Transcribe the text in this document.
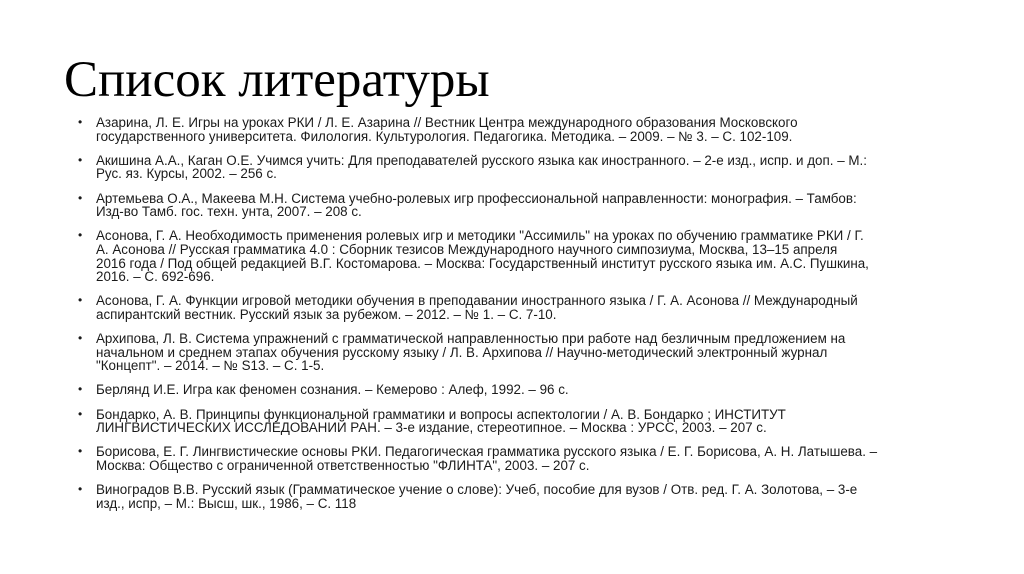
Список литературы
• Азарина, Л. Е. Игры на уроках РКИ / Л. Е. Азарина // Вестник Центра международного образования Московского
государственного университета. Филология. Культурология. Педагогика. Методика. – 2009. – № 3. – С. 102-109.
• Акишина А.А., Каган О.Е. Учимся учить: Для преподавателей русского языка как иностранного. – 2-е изд., испр. и доп. – М.:
Рус. яз. Курсы, 2002. – 256 с.
• Артемьева О.А., Макеева М.Н. Система учебно-ролевых игр профессиональной направленности: монография. – Тамбов:
Изд-во Тамб. гос. техн. унта, 2007. – 208 с.
• Асонова, Г. А. Необходимость применения ролевых игр и методики "Ассимиль" на уроках по обучению грамматике РКИ / Г.
А. Асонова // Русская грамматика 4.0 : Сборник тезисов Международного научного симпозиума, Москва, 13–15 апреля
2016 года / Под общей редакцией В.Г. Костомарова. – Москва: Государственный институт русского языка им. А.С. Пушкина,
2016. – С. 692-696.
• Асонова, Г. А. Функции игровой методики обучения в преподавании иностранного языка / Г. А. Асонова // Международный
аспирантский вестник. Русский язык за рубежом. – 2012. – № 1. – С. 7-10.
• Архипова, Л. В. Система упражнений с грамматической направленностью при работе над безличным предложением на
начальном и среднем этапах обучения русскому языку / Л. В. Архипова // Научно-методический электронный журнал
"Концепт". – 2014. – № S13. – С. 1-5.
• Берлянд И.Е. Игра как феномен сознания. – Кемерово : Алеф, 1992. – 96 с.
• Бондарко, А. В. Принципы функциональной грамматики и вопросы аспектологии / А. В. Бондарко ; ИНСТИТУТ
ЛИНГВИСТИЧЕСКИХ ИССЛЕДОВАНИЙ РАН. – 3-е издание, стереотипное. – Москва : УРСС, 2003. – 207 с.
• Борисова, Е. Г. Лингвистические основы РКИ. Педагогическая грамматика русского языка / Е. Г. Борисова, А. Н. Латышева. –
Москва: Общество с ограниченной ответственностью "ФЛИНТА", 2003. – 207 с.
• Виноградов В.В. Русский язык (Грамматическое учение о слове): Учеб, пособие для вузов / Отв. ред. Г. А. Золотова, – 3-е
изд., испр, – М.: Высш, шк., 1986, – С. 118
